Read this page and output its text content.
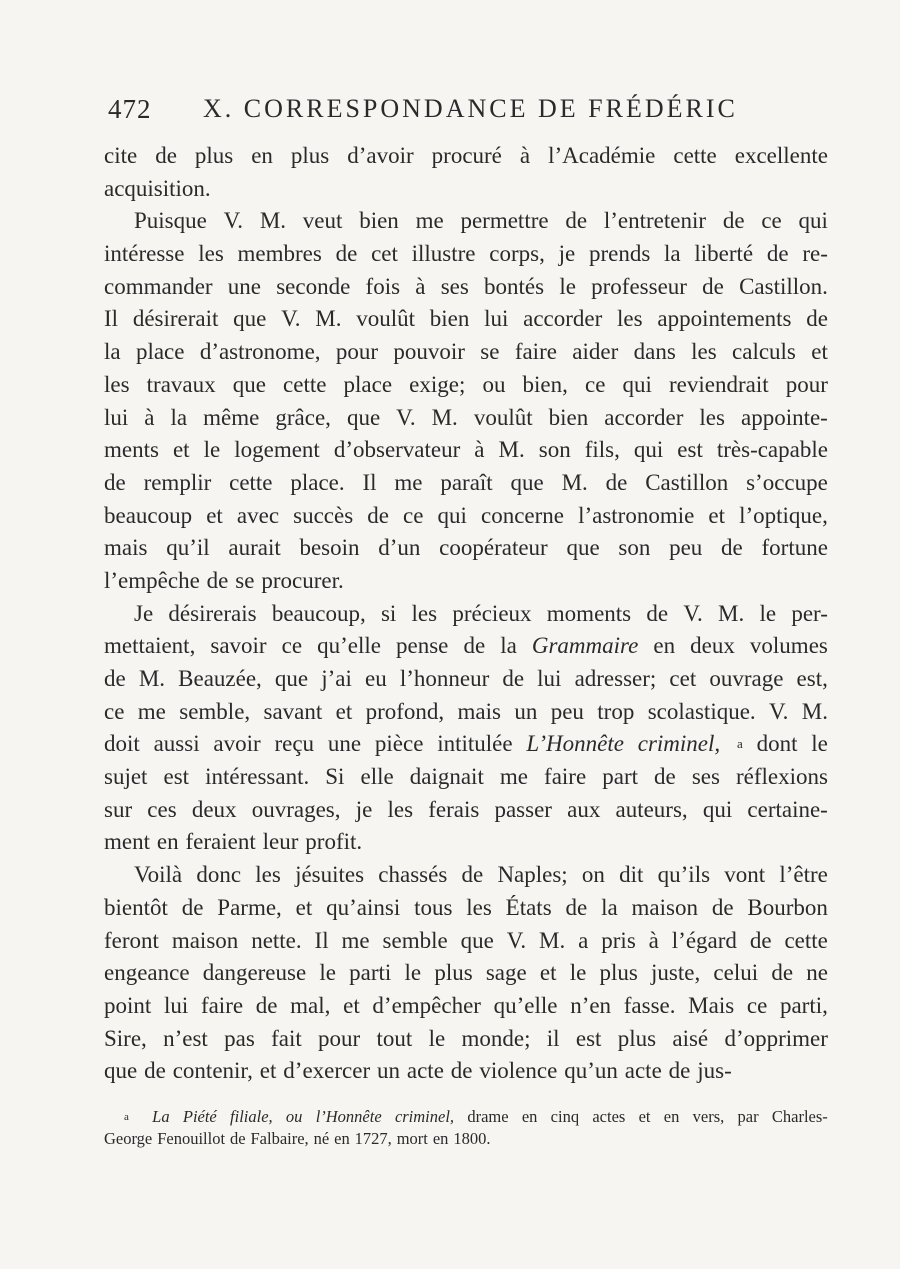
472 X. CORRESPONDANCE DE FRÉDÉRIC
cite de plus en plus d’avoir procuré à l’Académie cette excellente
acquisition.
Puisque V. M. veut bien me permettre de l’entretenir de ce qui
intéresse les membres de cet illustre corps, je prends la liberté de re-
commander une seconde fois à ses bontés le professeur de Castillon.
Il désirerait que V. M. voulût bien lui accorder les appointements de
la place d’astronome, pour pouvoir se faire aider dans les calculs et
les travaux que cette place exige; ou bien, ce qui reviendrait pour
lui à la même grâce, que V. M. voulût bien accorder les appointe-
ments et le logement d’observateur à M. son fils, qui est très-capable
de remplir cette place. Il me paraît que M. de Castillon s’occupe
beaucoup et avec succès de ce qui concerne l’astronomie et l’optique,
mais qu’il aurait besoin d’un coopérateur que son peu de fortune
l’empêche de se procurer.
Je désirerais beaucoup, si les précieux moments de V. M. le per-
mettaient, savoir ce qu’elle pense de la Grammaire en deux volumes
de M. Beauzée, que j’ai eu l’honneur de lui adresser; cet ouvrage est,
ce me semble, savant et profond, mais un peu trop scolastique. V. M.
doit aussi avoir reçu une pièce intitulée L’Honnête criminel, a dont le
sujet est intéressant. Si elle daignait me faire part de ses réflexions
sur ces deux ouvrages, je les ferais passer aux auteurs, qui certaine-
ment en feraient leur profit.
Voilà donc les jésuites chassés de Naples; on dit qu’ils vont l’être
bientôt de Parme, et qu’ainsi tous les États de la maison de Bourbon
feront maison nette. Il me semble que V. M. a pris à l’égard de cette
engeance dangereuse le parti le plus sage et le plus juste, celui de ne
point lui faire de mal, et d’empêcher qu’elle n’en fasse. Mais ce parti,
Sire, n’est pas fait pour tout le monde; il est plus aisé d’opprimer
que de contenir, et d’exercer un acte de violence qu’un acte de jus-
a La Piété filiale, ou l’Honnête criminel, drame en cinq actes et en vers, par Charles-
George Fenouillot de Falbaire, né en 1727, mort en 1800.
